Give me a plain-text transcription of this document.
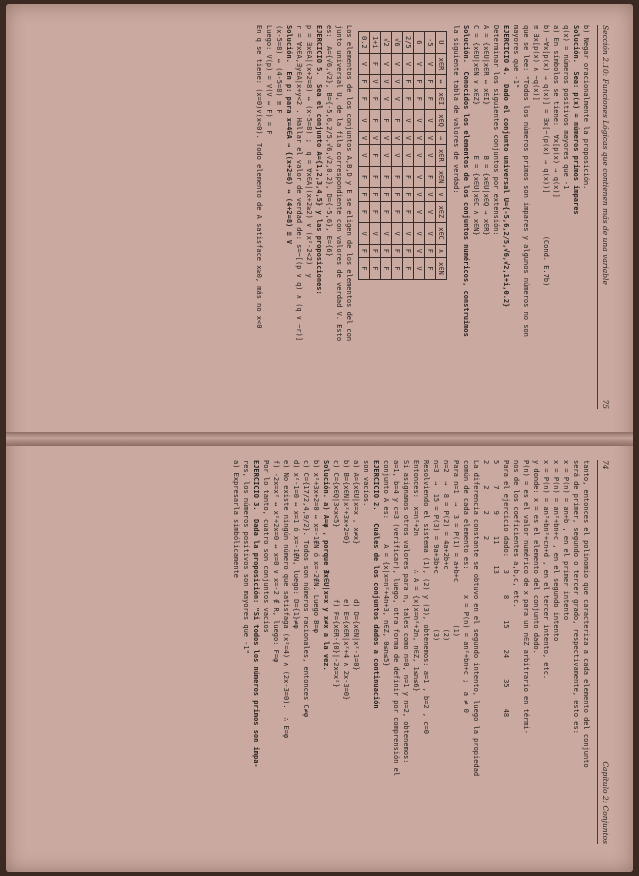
Sección 2.10: Funciones Lógicas que contienen más de una variable
75
b) Negar oracionalmente la proposición.
Solución.  Sea: p(x) = números primos impares
q(x) = números positivos mayores que -1
a) En símbolos se tiene:  ∀x[p(x) → q(x)]
b) ~∀x[p(x) → q(x)] = ∃x[~(p(x) → q(x))]          (Cond. E.7b)
≡ ∃x[p(x) ∧ ~q(x)]
que se lee: "Todos los números primos son impares y algunos números no son
mayores que -1"
EJERCICIO 4.  Dado el conjunto universal U={-5,6,2/5,√6,√2,1+i,0.2}
Determinar los siguientes conjuntos por extensión:
A = {x∈U|x∈R ↔ x∈I}            B = {x∈U|x∈Q → x∈R}
C = {x∈U|x∈N ∨ x∈Z}            E = {x∈U|x∈C ∧ x∈N}
Solución.  Conocidos los elementos de los conjuntos numéricos, construimos
la siguiente tabla de valores de verdad:
U	x∈R	↔	x∈I	x∈Q	→	x∈R	x∈N	∨	x∈Z	x∈C	∧	x∈N
-5	V	F	F	V	V	V	F	V	V	V	F	F
6	V	F	F	V	V	V	V	V	V	V	V	V
2/5	V	F	F	V	V	V	F	F	F	V	F	F
√6	V	V	V	F	V	V	F	F	F	V	F	F
√2	V	V	V	F	V	V	F	F	F	V	F	F
1+i	F	V	F	F	V	F	F	F	F	V	F	F
0.2	V	F	F	V	V	V	F	F	F	V	F	F
Los elementos de los conjuntos A,B,D y E se eligen de los elementos del con
junto universal U, de la fila correspondiente con valores de verdad V. Esto
es:  A={√6,√2}, B={-5,6,2/5,√6,√2,0.2}, D={-5,6}, E={6}
EJERCICIO 5.  Sea el conjunto A={1,2,3,4,5} y las proposiciones:
p = ∃x∈A|(x+2=8) ↔ (x-5=8) ;  q = ∀x∈A|(x+2≥2) ∨ (x²-2<2)  y
r = ∀x∈A,∃y∈A|x+y<2 . Hallar el valor de verdad de: s=~[(p ∨ q) ∧ (q ∨ ~r)]
Solución.  En p: para x=4∈A → {(x+2=6) ↔ (4+2=8) ≡ V
(x-5=8) ↔ (4-5=8) ≡ F
Luego: V(p) = V(V ↔ F) = F
En q se tiene: (x=0)∨(x<0). Todo elemento de A satisface x≥0, más no x<0
74
Capítulo 2: Conjuntos
tanto, entonces el polinomio que caracteriza a cada elemento del conjunto
será de primer, segundo o tercer grado, respectivamente, esto es:
x = P(n) = an+b , en el primer intento
x = P(n) = an²+bn+c , en el segundo intento
x = P(n) = an³+bn²+cn+d , en el tercer intento, etc.
y donde: x = es el elemento del conjunto dado.
P(n) = es el valor numérico de x para un n∈Z arbitrario en térmi-
nos de los coeficientes a,b,c, etc.
Para el ejercicio dado:   3     8     15     24     35     48
5     7     9     11     13
2     2     2     2
La diferencia constante se obtuvo en el segundo intento, luego la propiedad
común de cada elemento es:      x = P(n) = an²+bn+c ;  a ≠ 0
Para n=1  →  3 = P(1) = a+b+c          (1)
n=2  →  8 = P(2) = 4a+2b+c              (2)
n=3  →  15 = P(3) = 9a+3b+c             (3)
Resolviendo el sistema (1), (2) y (3), obtenemos: a=1 , b=2 , c=0
Entonces:  x=n²+2n        ∴ A = {x|x=n²+2n, n∈Z, 1≤n≤6}
Si asignamos otros valores para n, tales como n=0, n=1 y n=2, obtenemos:
a=1, b=4 y c=3 (verificar), luego, otra forma de definir por comprensión el
conjunto A es:      A = {x|x=n²+4n+3, n∈Z, 0≤n≤5}
EJERCICIO 2.   Cuáles de los conjuntos dados a continuación
son vacíos.
a) A={x∈U|x=x , x≠x}             d) D={x∈N|x²-1=0}
b) B={x∈N|x²+3x+2=0}             e) E={x∈R|x²+4 ∧ 2x-3=0}
c) C={x∈Q|3<x<5}                 f) F={x∈R-{0}|-2x=x²}
Solución. a) A=φ , porque ∄x∈U|x=x y x≠x a la vez.
b) x²+3x+2=0 ↔ x=-1∉N ó x=-2∉N. Luego B=φ
c) C={17/2,4,9/2}. Todos son números racionales, entonces C≠φ
d) x²-1=0 ↔ x=1 ó x=-1∉N, luego: D={1}≠φ
e) No existe ningún número que satisfaga (x²=4) ∧ (2x-3=0).  ∴ E=φ
f) -2x=x² ↔ x²+2x=0 ↔ x=0 ∨ x=-2 ∉ R, luego: F=φ
Por lo tanto, cuatro son conjuntos vacíos
EJERCICIO 3.  Dada la proposición: "Si todos los números primos son impa-
res, los números positivos son mayores que -1"
a) Expresarla simbólicamente
